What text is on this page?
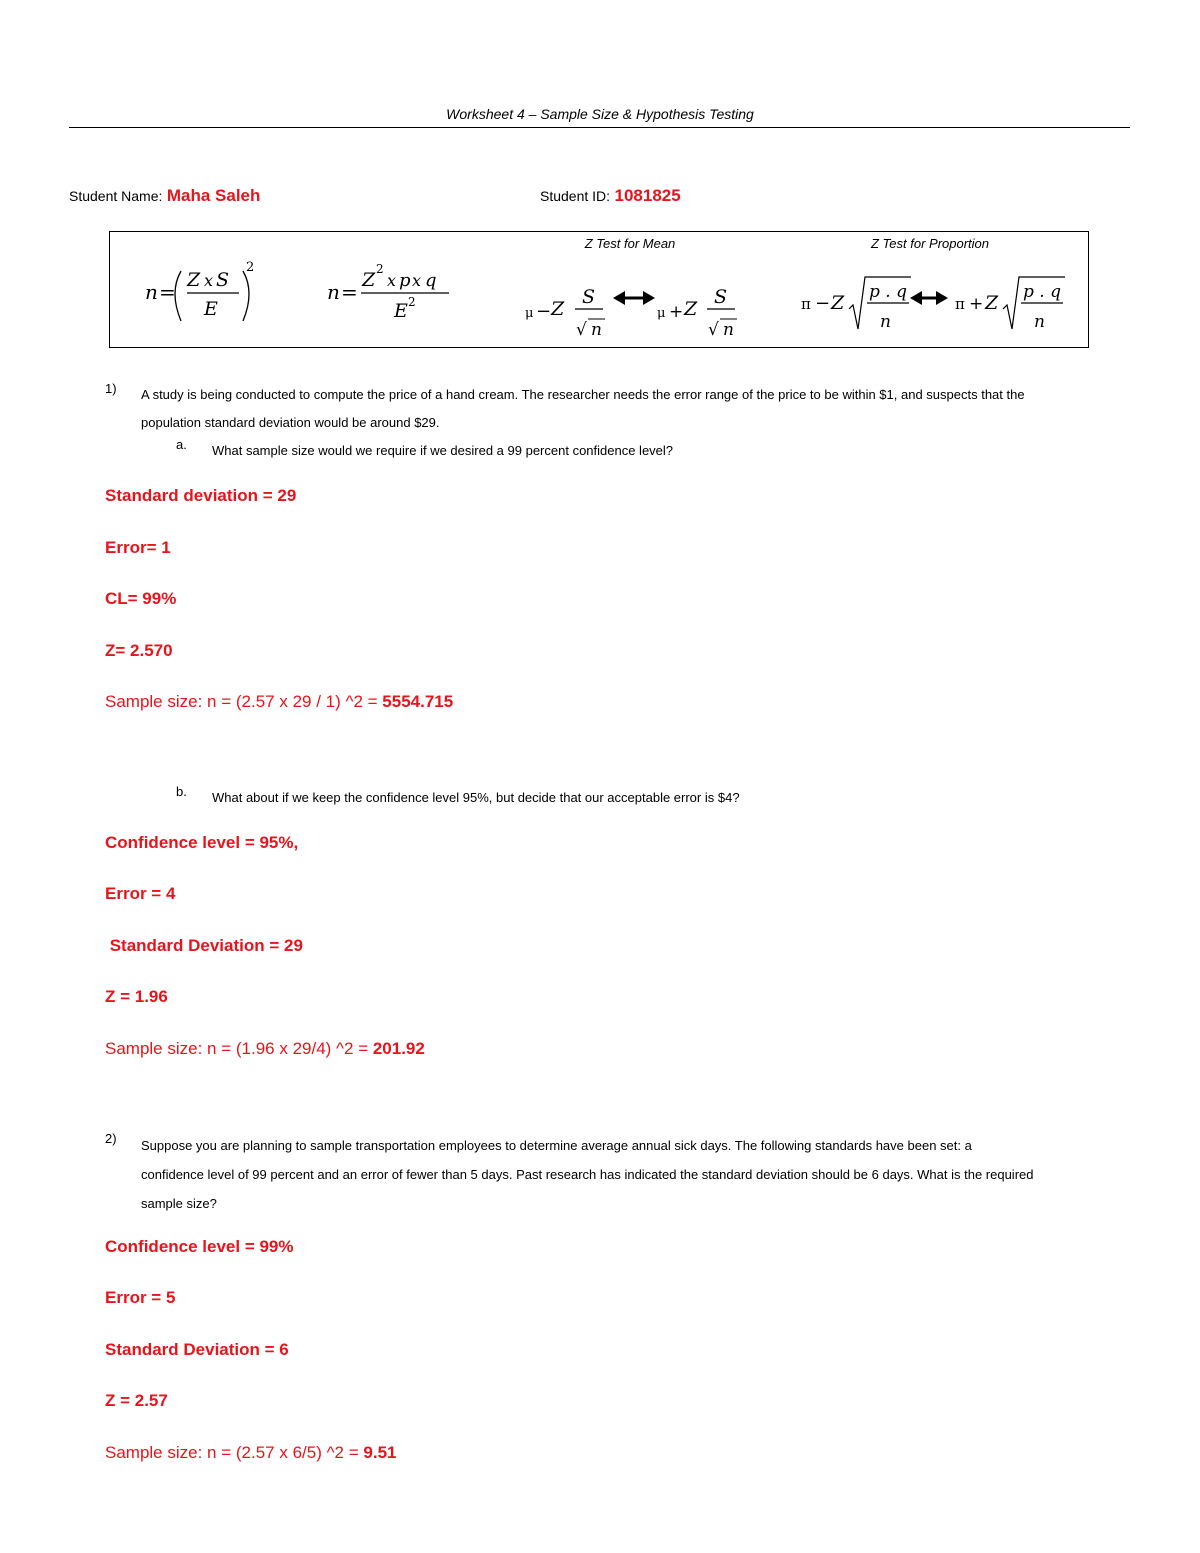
Worksheet 4 – Sample Size & Hypothesis Testing
Student Name: Maha Saleh	Student ID: 1081825
Z Test for Mean	Z Test for Proportion
n = Z x S
E
2
n = Z 2
x p x q
E 2
μ − Z
S
√ n
μ + Z
S
√ n
π − Z p . q
n
π + Z p . q
n
1) A study is being conducted to compute the price of a hand cream. The researcher needs the error range of the price to be within $1, and suspects that the
population standard deviation would be around $29.
a. What sample size would we require if we desired a 99 percent confidence level?
Standard deviation = 29
Error= 1
CL= 99%
Z= 2.570
Sample size: n = (2.57 x 29 / 1) ^2 = 5554.715
b. What about if we keep the confidence level 95%, but decide that our acceptable error is $4?
Confidence level = 95%,
Error = 4
Standard Deviation = 29
Z = 1.96
Sample size: n = (1.96 x 29/4) ^2 = 201.92
2) Suppose you are planning to sample transportation employees to determine average annual sick days. The following standards have been set: a
confidence level of 99 percent and an error of fewer than 5 days. Past research has indicated the standard deviation should be 6 days. What is the required
sample size?
Confidence level = 99%
Error = 5
Standard Deviation = 6
Z = 2.57
Sample size: n = (2.57 x 6/5) ^2 = 9.51
